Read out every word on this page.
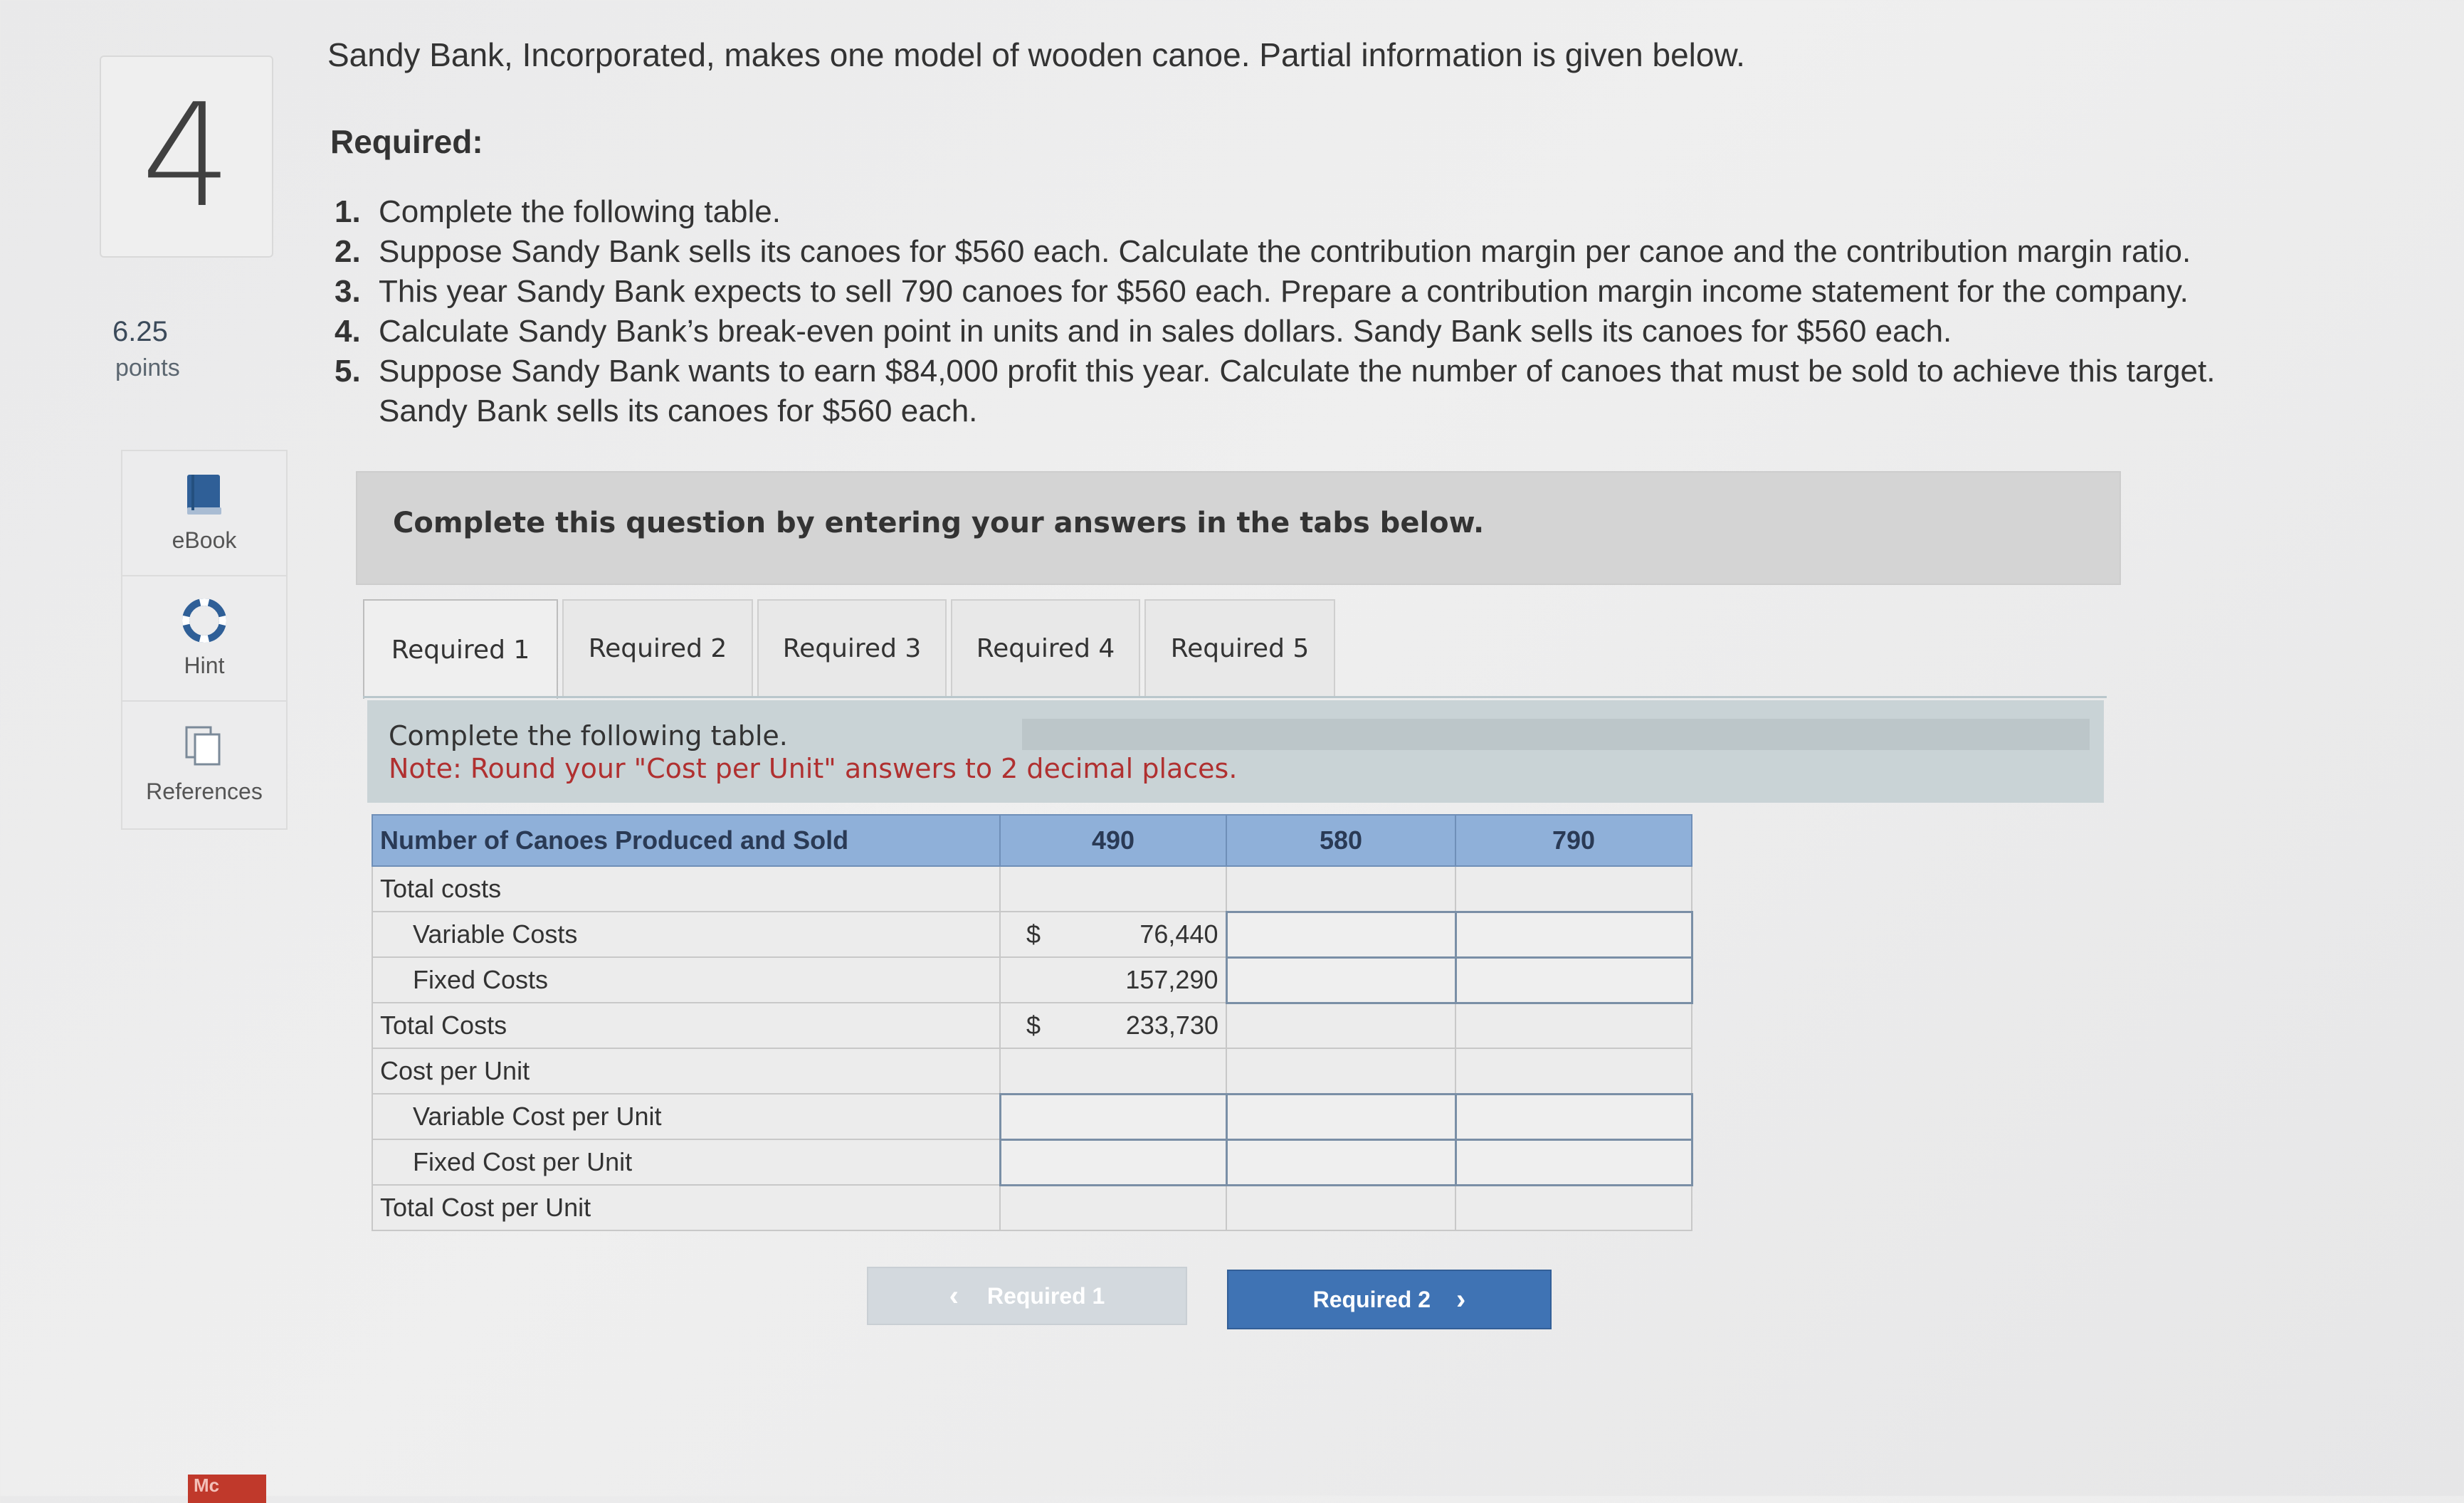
4
6.25
points
eBook
Hint
References
Mc
Sandy Bank, Incorporated, makes one model of wooden canoe. Partial information is given below.
Required:
1. Complete the following table.
2. Suppose Sandy Bank sells its canoes for $560 each. Calculate the contribution margin per canoe and the contribution margin ratio.
3. This year Sandy Bank expects to sell 790 canoes for $560 each. Prepare a contribution margin income statement for the company.
4. Calculate Sandy Bank’s break-even point in units and in sales dollars. Sandy Bank sells its canoes for $560 each.
5. Suppose Sandy Bank wants to earn $84,000 profit this year. Calculate the number of canoes that must be sold to achieve this target. Sandy Bank sells its canoes for $560 each.
Complete this question by entering your answers in the tabs below.
Required 1	Required 2	Required 3	Required 4	Required 5
Complete the following table.
Note: Round your "Cost per Unit" answers to 2 decimal places.
Number of Canoes Produced and Sold	490	580	790
Total costs			
Variable Costs	$ 76,440		
Fixed Costs	157,290		
Total Costs	$ 233,730		
Cost per Unit			
Variable Cost per Unit			
Fixed Cost per Unit			
Total Cost per Unit			
‹ Required 1	Required 2 ›
